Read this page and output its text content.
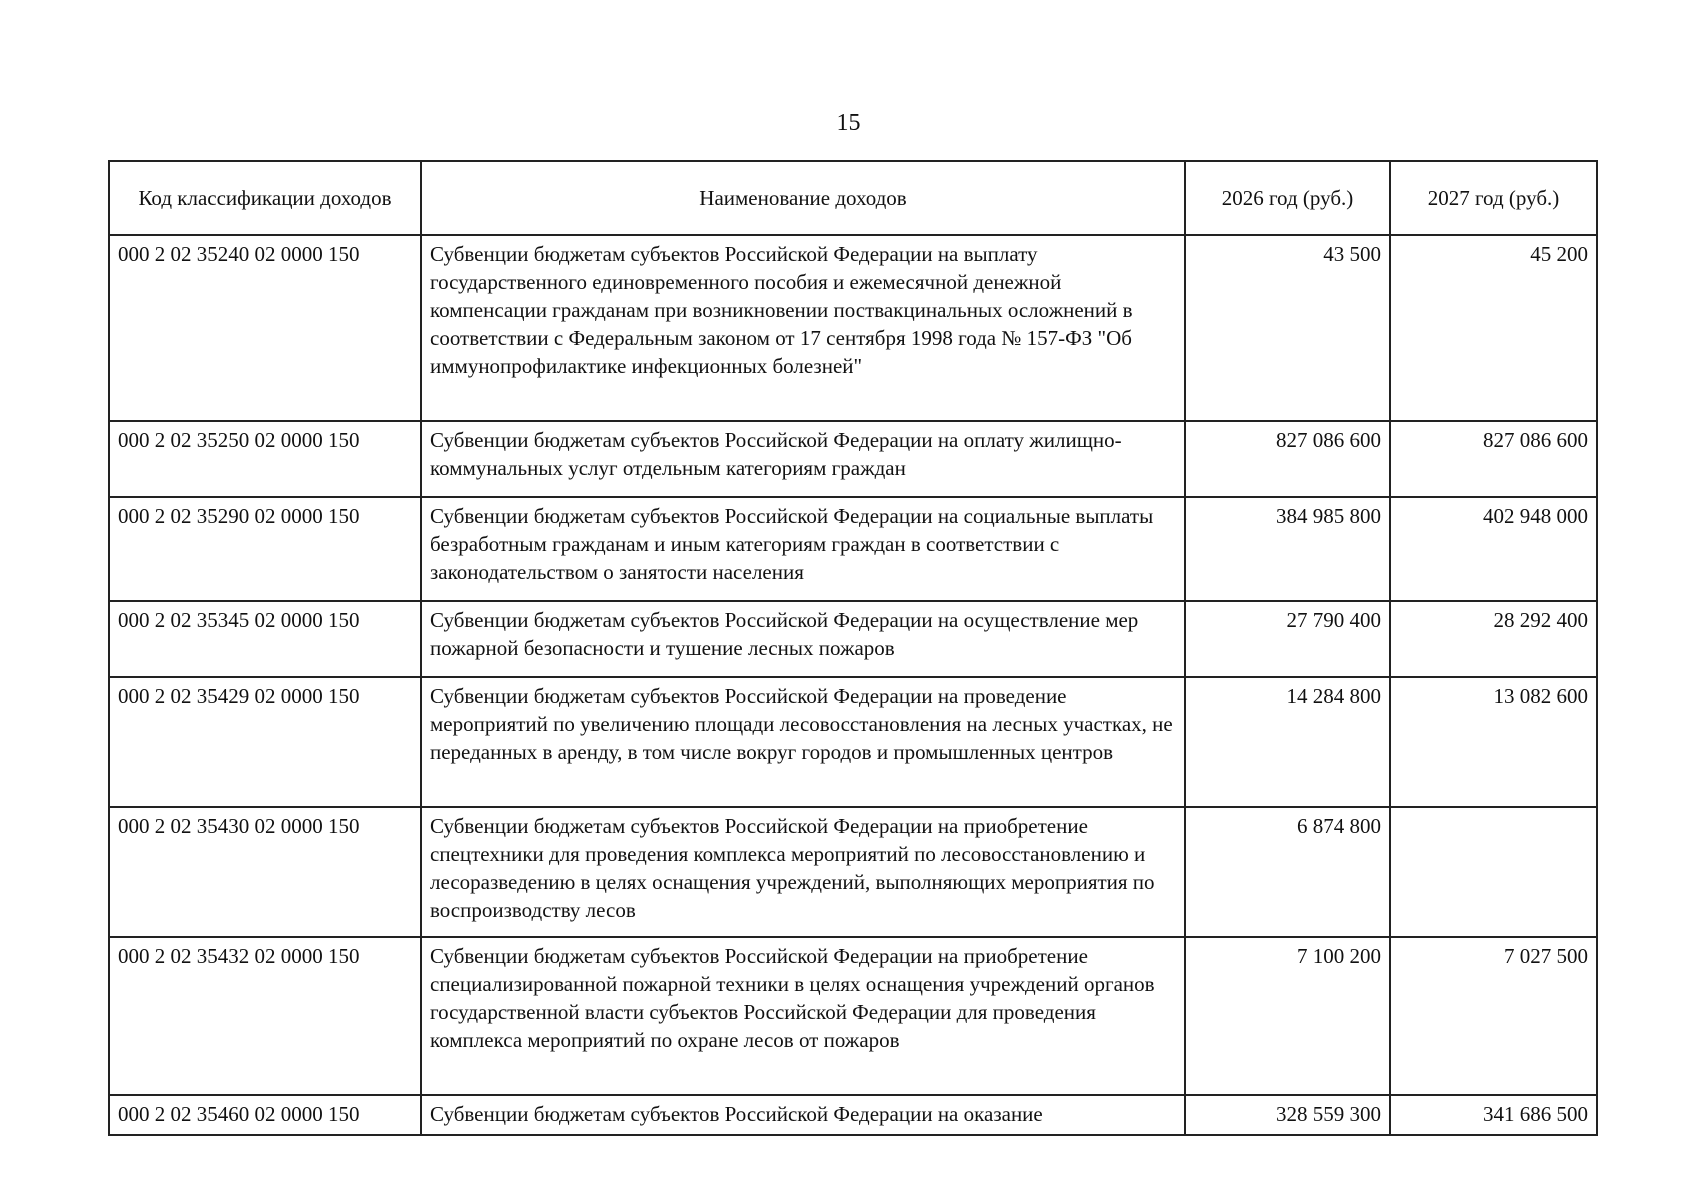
15
Код классификации доходов	Наименование доходов	2026 год (руб.)	2027 год (руб.)
000 2 02 35240 02 0000 150	Субвенции бюджетам субъектов Российской Федерации на выплату государственного единовременного пособия и ежемесячной денежной компенсации гражданам при возникновении поствакцинальных осложнений в соответствии с Федеральным законом от 17 сентября 1998 года № 157-ФЗ "Об иммунопрофилактике инфекционных болезней"	43 500	45 200
000 2 02 35250 02 0000 150	Субвенции бюджетам субъектов Российской Федерации на оплату жилищно-коммунальных услуг отдельным категориям граждан	827 086 600	827 086 600
000 2 02 35290 02 0000 150	Субвенции бюджетам субъектов Российской Федерации на социальные выплаты безработным гражданам и иным категориям граждан в соответствии с законодательством о занятости населения	384 985 800	402 948 000
000 2 02 35345 02 0000 150	Субвенции бюджетам субъектов Российской Федерации на осуществление мер пожарной безопасности и тушение лесных пожаров	27 790 400	28 292 400
000 2 02 35429 02 0000 150	Субвенции бюджетам субъектов Российской Федерации на проведение мероприятий по увеличению площади лесовосстановления на лесных участках, не переданных в аренду, в том числе вокруг городов и промышленных центров	14 284 800	13 082 600
000 2 02 35430 02 0000 150	Субвенции бюджетам субъектов Российской Федерации на приобретение спецтехники для проведения комплекса мероприятий по лесовосстановлению и лесоразведению в целях оснащения учреждений, выполняющих мероприятия по воспроизводству лесов	6 874 800	
000 2 02 35432 02 0000 150	Субвенции бюджетам субъектов Российской Федерации на приобретение специализированной пожарной техники в целях оснащения учреждений органов государственной власти субъектов Российской Федерации для проведения комплекса мероприятий по охране лесов от пожаров	7 100 200	7 027 500
000 2 02 35460 02 0000 150	Субвенции бюджетам субъектов Российской Федерации на оказание	328 559 300	341 686 500
